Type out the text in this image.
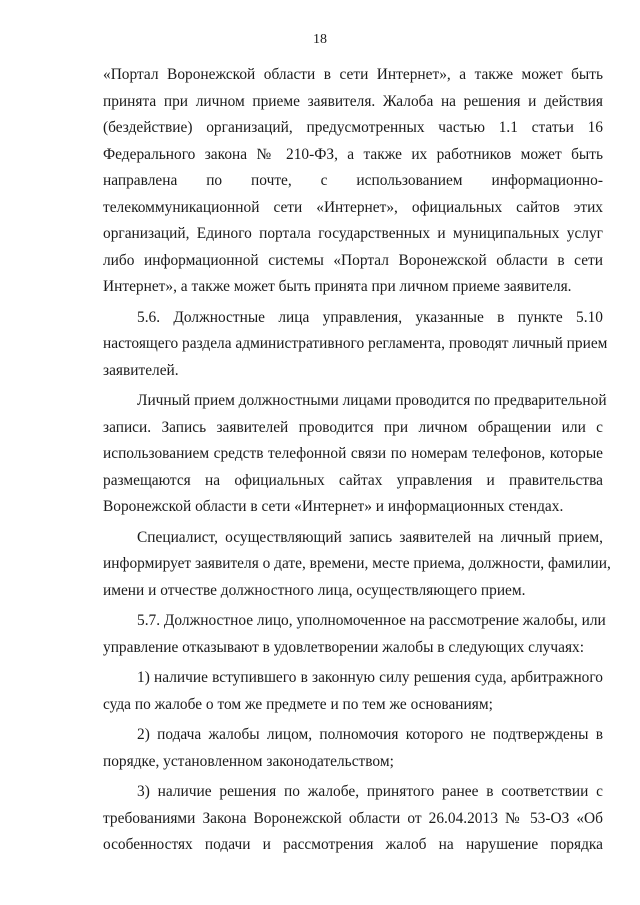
18
«Портал Воронежской области в сети Интернет», а также может быть
принята при личном приеме заявителя. Жалоба на решения и действия
(бездействие) организаций, предусмотренных частью 1.1 статьи 16
Федерального закона № 210-ФЗ, а также их работников может быть
направлена по почте, с использованием информационно-
телекоммуникационной сети «Интернет», официальных сайтов этих
организаций, Единого портала государственных и муниципальных услуг
либо информационной системы «Портал Воронежской области в сети
Интернет», а также может быть принята при личном приеме заявителя.
5.6. Должностные лица управления, указанные в пункте 5.10
настоящего раздела административного регламента, проводят личный прием
заявителей.
Личный прием должностными лицами проводится по предварительной
записи. Запись заявителей проводится при личном обращении или с
использованием средств телефонной связи по номерам телефонов, которые
размещаются на официальных сайтах управления и правительства
Воронежской области в сети «Интернет» и информационных стендах.
Специалист, осуществляющий запись заявителей на личный прием,
информирует заявителя о дате, времени, месте приема, должности, фамилии,
имени и отчестве должностного лица, осуществляющего прием.
5.7. Должностное лицо, уполномоченное на рассмотрение жалобы, или
управление отказывают в удовлетворении жалобы в следующих случаях:
1) наличие вступившего в законную силу решения суда, арбитражного
суда по жалобе о том же предмете и по тем же основаниям;
2) подача жалобы лицом, полномочия которого не подтверждены в
порядке, установленном законодательством;
3) наличие решения по жалобе, принятого ранее в соответствии с
требованиями Закона Воронежской области от 26.04.2013 № 53-ОЗ «Об
особенностях подачи и рассмотрения жалоб на нарушение порядка
